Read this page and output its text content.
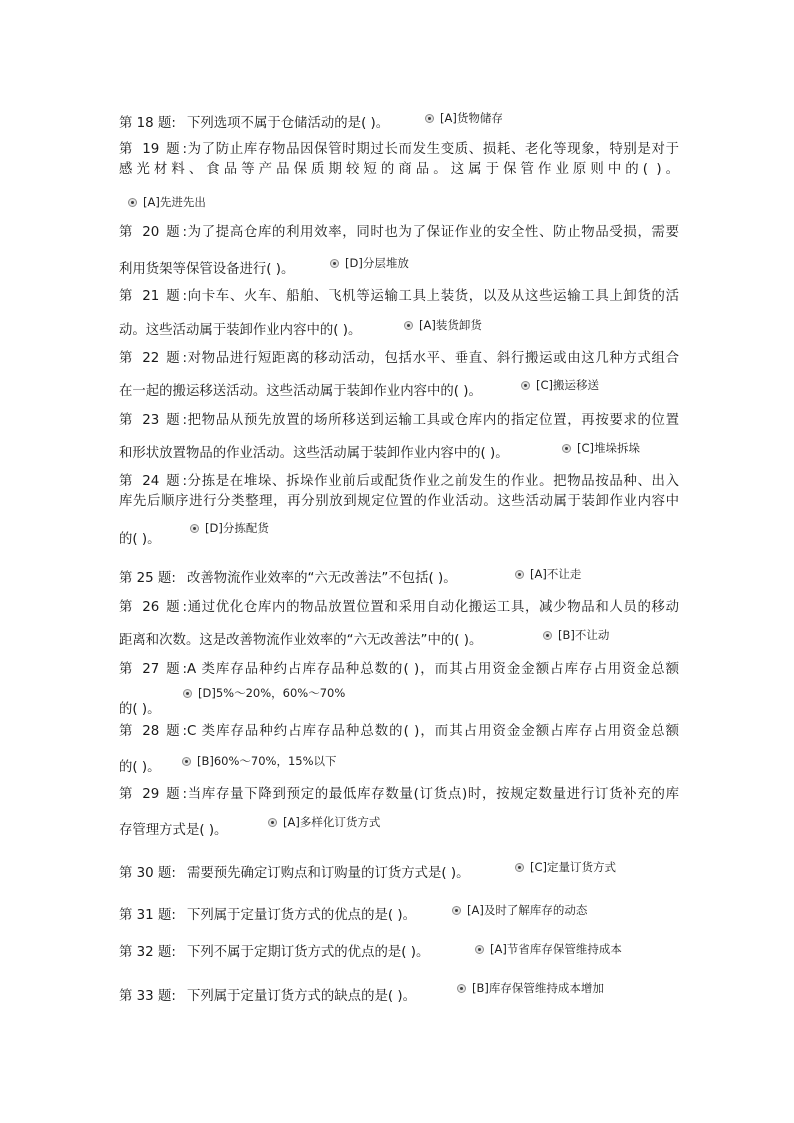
第 18 题: 下列选项不属于仓储活动的是( )。	[A]货物储存
第 19 题:为了防止库存物品因保管时期过长而发生变质、损耗、老化等现象，特别是对于
感光材料、食品等产品保质期较短的商品。这属于保管作业原则中的( )。
[A]先进先出
第 20 题:为了提高仓库的利用效率，同时也为了保证作业的安全性、防止物品受损，需要
利用货架等保管设备进行( )。	[D]分层堆放
第 21 题:向卡车、火车、船舶、飞机等运输工具上装货，以及从这些运输工具上卸货的活
动。这些活动属于装卸作业内容中的( )。	[A]装货卸货
第 22 题:对物品进行短距离的移动活动，包括水平、垂直、斜行搬运或由这几种方式组合
在一起的搬运移送活动。这些活动属于装卸作业内容中的( )。	[C]搬运移送
第 23 题:把物品从预先放置的场所移送到运输工具或仓库内的指定位置，再按要求的位置
和形状放置物品的作业活动。这些活动属于装卸作业内容中的( )。	[C]堆垛拆垛
第 24 题:分拣是在堆垛、拆垛作业前后或配货作业之前发生的作业。把物品按品种、出入
库先后顺序进行分类整理，再分别放到规定位置的作业活动。这些活动属于装卸作业内容中
[D]分拣配货
的( )。
第 25 题: 改善物流作业效率的“六无改善法”不包括( )。	[A]不让走
第 26 题:通过优化仓库内的物品放置位置和采用自动化搬运工具，减少物品和人员的移动
距离和次数。这是改善物流作业效率的“六无改善法”中的( )。	[B]不让动
第 27 题:A 类库存品种约占库存品种总数的( )，而其占用资金金额占库存占用资金总额
[D]5%～20%，60%～70%
的( )。
第 28 题:C 类库存品种约占库存品种总数的( )，而其占用资金金额占库存占用资金总额
[B]60%～70%，15%以下
的( )。
第 29 题:当库存量下降到预定的最低库存数量(订货点)时，按规定数量进行订货补充的库
[A]多样化订货方式
存管理方式是( )。
第 30 题: 需要预先确定订购点和订购量的订货方式是( )。	[C]定量订货方式
第 31 题: 下列属于定量订货方式的优点的是( )。	[A]及时了解库存的动态
第 32 题: 下列不属于定期订货方式的优点的是( )。	[A]节省库存保管维持成本
第 33 题: 下列属于定量订货方式的缺点的是( )。
[B]库存保管维持成本增加
